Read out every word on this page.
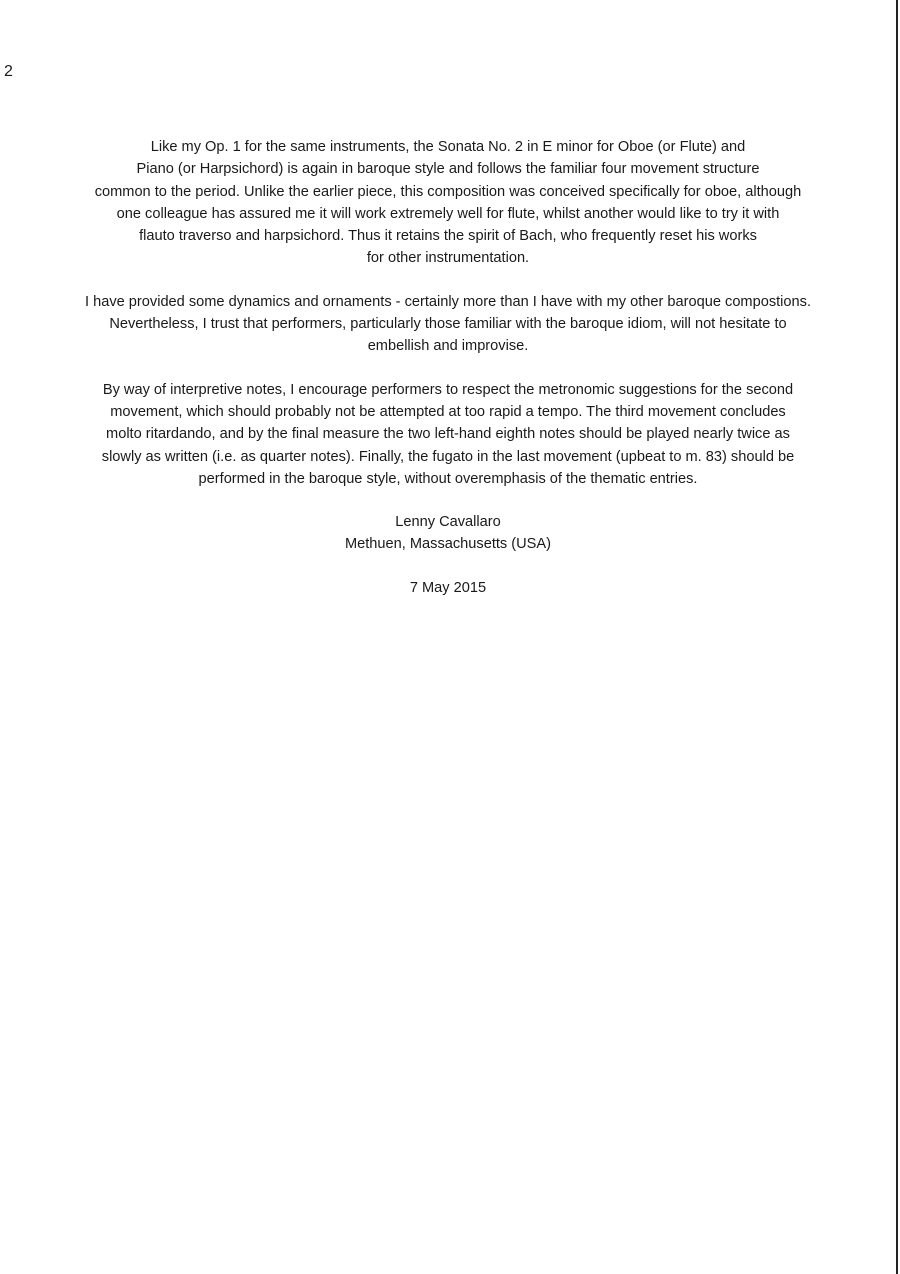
2

Like my Op. 1 for the same instruments, the Sonata No. 2 in E minor for Oboe (or Flute) and
Piano (or Harpsichord) is again in baroque style and follows the familiar four movement structure
common to the period. Unlike the earlier piece, this composition was conceived specifically for oboe, although
one colleague has assured me it will work extremely well for flute, whilst another would like to try it with
flauto traverso and harpsichord. Thus it retains the spirit of Bach, who frequently reset his works
for other instrumentation.

I have provided some dynamics and ornaments - certainly more than I have with my other baroque compostions.
Nevertheless, I trust that performers, particularly those familiar with the baroque idiom, will not hesitate to
embellish and improvise.

By way of interpretive notes, I encourage performers to respect the metronomic suggestions for the second
movement, which should probably not be attempted at too rapid a tempo. The third movement concludes
molto ritardando, and by the final measure the two left-hand eighth notes should be played nearly twice as
slowly as written (i.e. as quarter notes). Finally, the fugato in the last movement (upbeat to m. 83) should be
performed in the baroque style, without overemphasis of the thematic entries.

Lenny Cavallaro
Methuen, Massachusetts (USA)
7 May 2015
